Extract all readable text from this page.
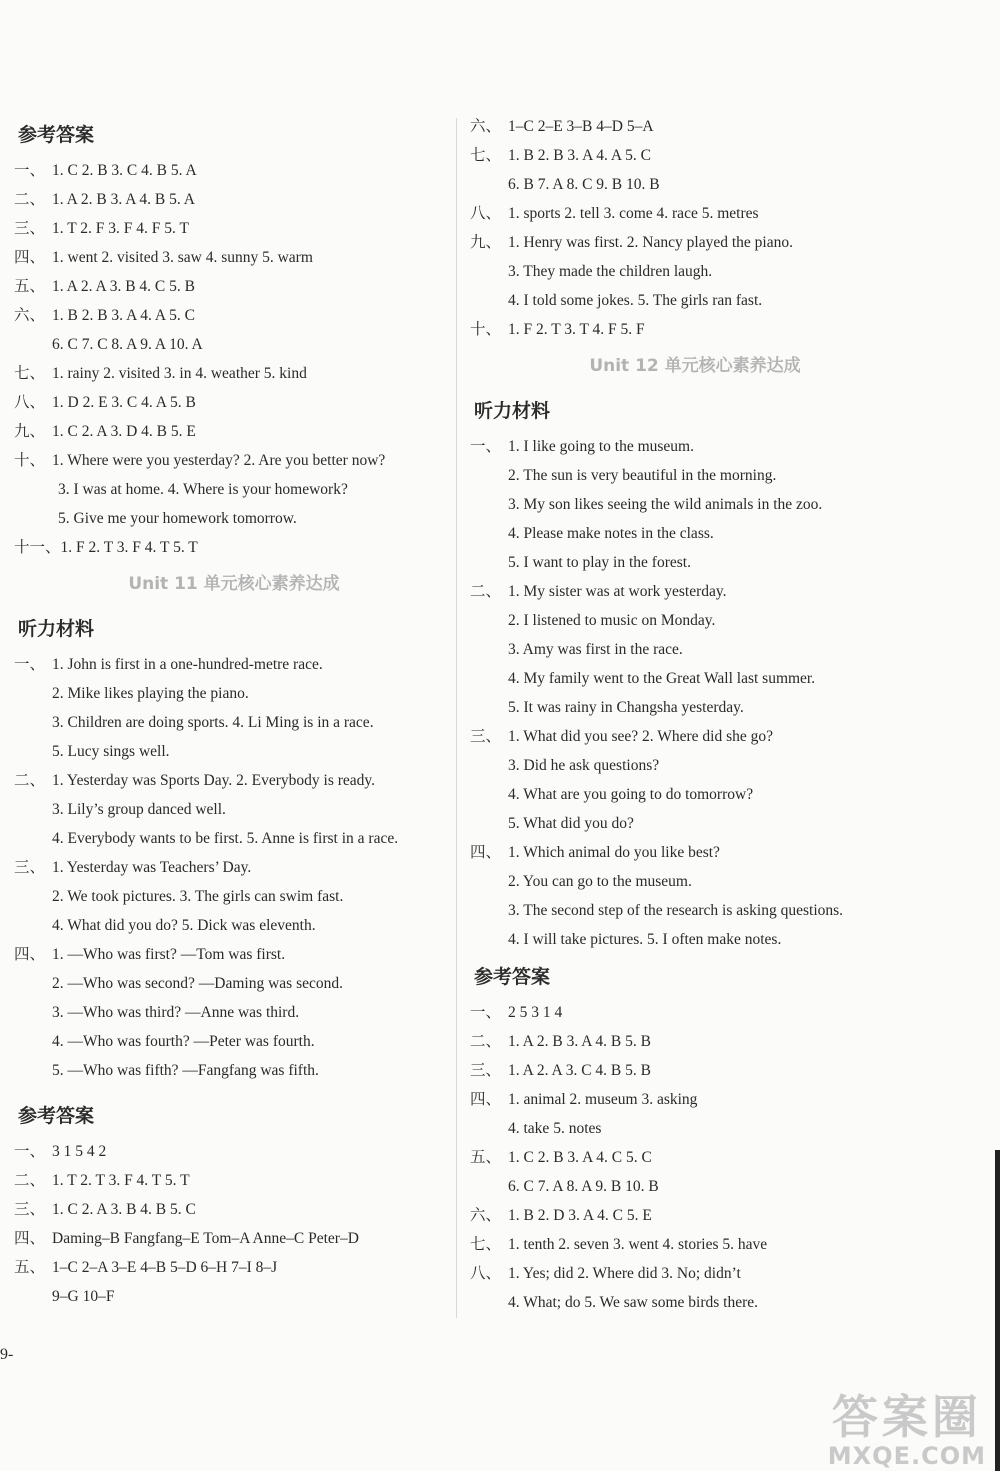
参考答案
一、 1. C 2. B 3. C 4. B 5. A
二、 1. A 2. B 3. A 4. B 5. A
三、 1. T 2. F 3. F 4. F 5. T
四、 1. went 2. visited 3. saw 4. sunny 5. warm
五、 1. A 2. A 3. B 4. C 5. B
六、 1. B 2. B 3. A 4. A 5. C
6. C 7. C 8. A 9. A 10. A
七、 1. rainy 2. visited 3. in 4. weather 5. kind
八、 1. D 2. E 3. C 4. A 5. B
九、 1. C 2. A 3. D 4. B 5. E
十、 1. Where were you yesterday? 2. Are you better now?
3. I was at home. 4. Where is your homework?
5. Give me your homework tomorrow.
十一、1. F 2. T 3. F 4. T 5. T
Unit 11 单元核心素养达成
听力材料
一、 1. John is first in a one-hundred-metre race.
2. Mike likes playing the piano.
3. Children are doing sports. 4. Li Ming is in a race.
5. Lucy sings well.
二、 1. Yesterday was Sports Day. 2. Everybody is ready.
3. Lily’s group danced well.
4. Everybody wants to be first. 5. Anne is first in a race.
三、 1. Yesterday was Teachers’ Day.
2. We took pictures. 3. The girls can swim fast.
4. What did you do? 5. Dick was eleventh.
四、 1. —Who was first? —Tom was first.
2. —Who was second? —Daming was second.
3. —Who was third? —Anne was third.
4. —Who was fourth? —Peter was fourth.
5. —Who was fifth? —Fangfang was fifth.
参考答案
一、 3 1 5 4 2
二、 1. T 2. T 3. F 4. T 5. T
三、 1. C 2. A 3. B 4. B 5. C
四、 Daming–B Fangfang–E Tom–A Anne–C Peter–D
五、 1–C 2–A 3–E 4–B 5–D 6–H 7–I 8–J
9–G 10–F
六、 1–C 2–E 3–B 4–D 5–A
七、 1. B 2. B 3. A 4. A 5. C
6. B 7. A 8. C 9. B 10. B
八、 1. sports 2. tell 3. come 4. race 5. metres
九、 1. Henry was first. 2. Nancy played the piano.
3. They made the children laugh.
4. I told some jokes. 5. The girls ran fast.
十、 1. F 2. T 3. T 4. F 5. F
Unit 12 单元核心素养达成
听力材料
一、 1. I like going to the museum.
2. The sun is very beautiful in the morning.
3. My son likes seeing the wild animals in the zoo.
4. Please make notes in the class.
5. I want to play in the forest.
二、 1. My sister was at work yesterday.
2. I listened to music on Monday.
3. Amy was first in the race.
4. My family went to the Great Wall last summer.
5. It was rainy in Changsha yesterday.
三、 1. What did you see? 2. Where did she go?
3. Did he ask questions?
4. What are you going to do tomorrow?
5. What did you do?
四、 1. Which animal do you like best?
2. You can go to the museum.
3. The second step of the research is asking questions.
4. I will take pictures. 5. I often make notes.
参考答案
一、 2 5 3 1 4
二、 1. A 2. B 3. A 4. B 5. B
三、 1. A 2. A 3. C 4. B 5. B
四、 1. animal 2. museum 3. asking
4. take 5. notes
五、 1. C 2. B 3. A 4. C 5. C
6. C 7. A 8. A 9. B 10. B
六、 1. B 2. D 3. A 4. C 5. E
七、 1. tenth 2. seven 3. went 4. stories 5. have
八、 1. Yes; did 2. Where did 3. No; didn’t
4. What; do 5. We saw some birds there.
9-
答案圈
MXQE.COM
